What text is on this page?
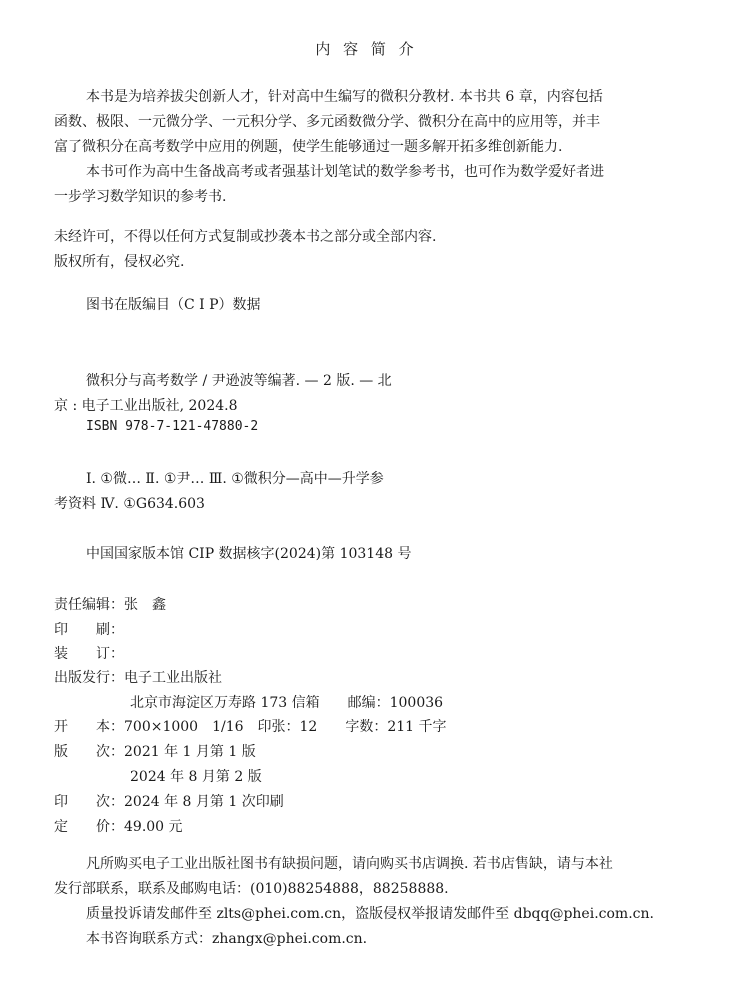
内 容 简 介
本书是为培养拔尖创新人才，针对高中生编写的微积分教材. 本书共 6 章，内容包括
函数、极限、一元微分学、一元积分学、多元函数微分学、微积分在高中的应用等，并丰
富了微积分在高考数学中应用的例题，使学生能够通过一题多解开拓多维创新能力.
本书可作为高中生备战高考或者强基计划笔试的数学参考书，也可作为数学爱好者进
一步学习数学知识的参考书.
未经许可，不得以任何方式复制或抄袭本书之部分或全部内容.
版权所有，侵权必究.
图书在版编目（C I P）数据
微积分与高考数学 / 尹逊波等编著. — 2 版. — 北
京 : 电子工业出版社, 2024.8
ISBN 978-7-121-47880-2
Ⅰ. ①微… Ⅱ. ①尹… Ⅲ. ①微积分—高中—升学参
考资料 Ⅳ. ①G634.603
中国国家版本馆 CIP 数据核字(2024)第 103148 号
责任编辑：张　鑫
印　　刷：
装　　订：
出版发行：电子工业出版社
北京市海淀区万寿路 173 信箱　　邮编：100036
开　　本：700×1000　1/16　印张：12　　字数：211 千字
版　　次：2021 年 1 月第 1 版
2024 年 8 月第 2 版
印　　次：2024 年 8 月第 1 次印刷
定　　价：49.00 元
凡所购买电子工业出版社图书有缺损问题，请向购买书店调换. 若书店售缺，请与本社
发行部联系，联系及邮购电话：(010)88254888，88258888.
质量投诉请发邮件至 zlts@phei.com.cn，盗版侵权举报请发邮件至 dbqq@phei.com.cn.
本书咨询联系方式：zhangx@phei.com.cn.
